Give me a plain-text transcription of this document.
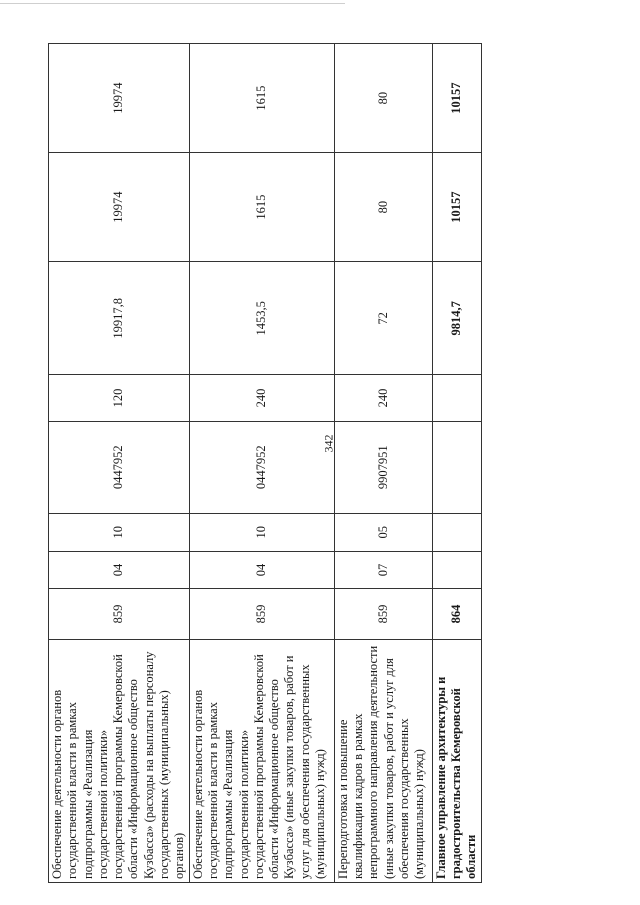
342
Обеспечение деятельности органов государственной власти в рамках подпрограммы «Реализация государственной политики» государственной программы Кемеровской области «Информационное общество Кузбасса» (расходы на выплаты персоналу государственных (муниципальных) органов)	859	04	10	0447952	120	19917,8	19974	19974
Обеспечение деятельности органов государственной власти в рамках подпрограммы «Реализация государственной политики» государственной программы Кемеровской области «Информационное общество Кузбасса» (иные закупки товаров, работ и услуг для обеспечения государственных (муниципальных) нужд)	859	04	10	0447952	240	1453,5	1615	1615
Переподготовка и повышение квалификации кадров в рамках непрограммного направления деятельности (иные закупки товаров, работ и услуг для обеспечения государственных (муниципальных) нужд)	859	07	05	9907951	240	72	80	80
Главное управление архитектуры и градостроительства Кемеровской области	864					9814,7	10157	10157
